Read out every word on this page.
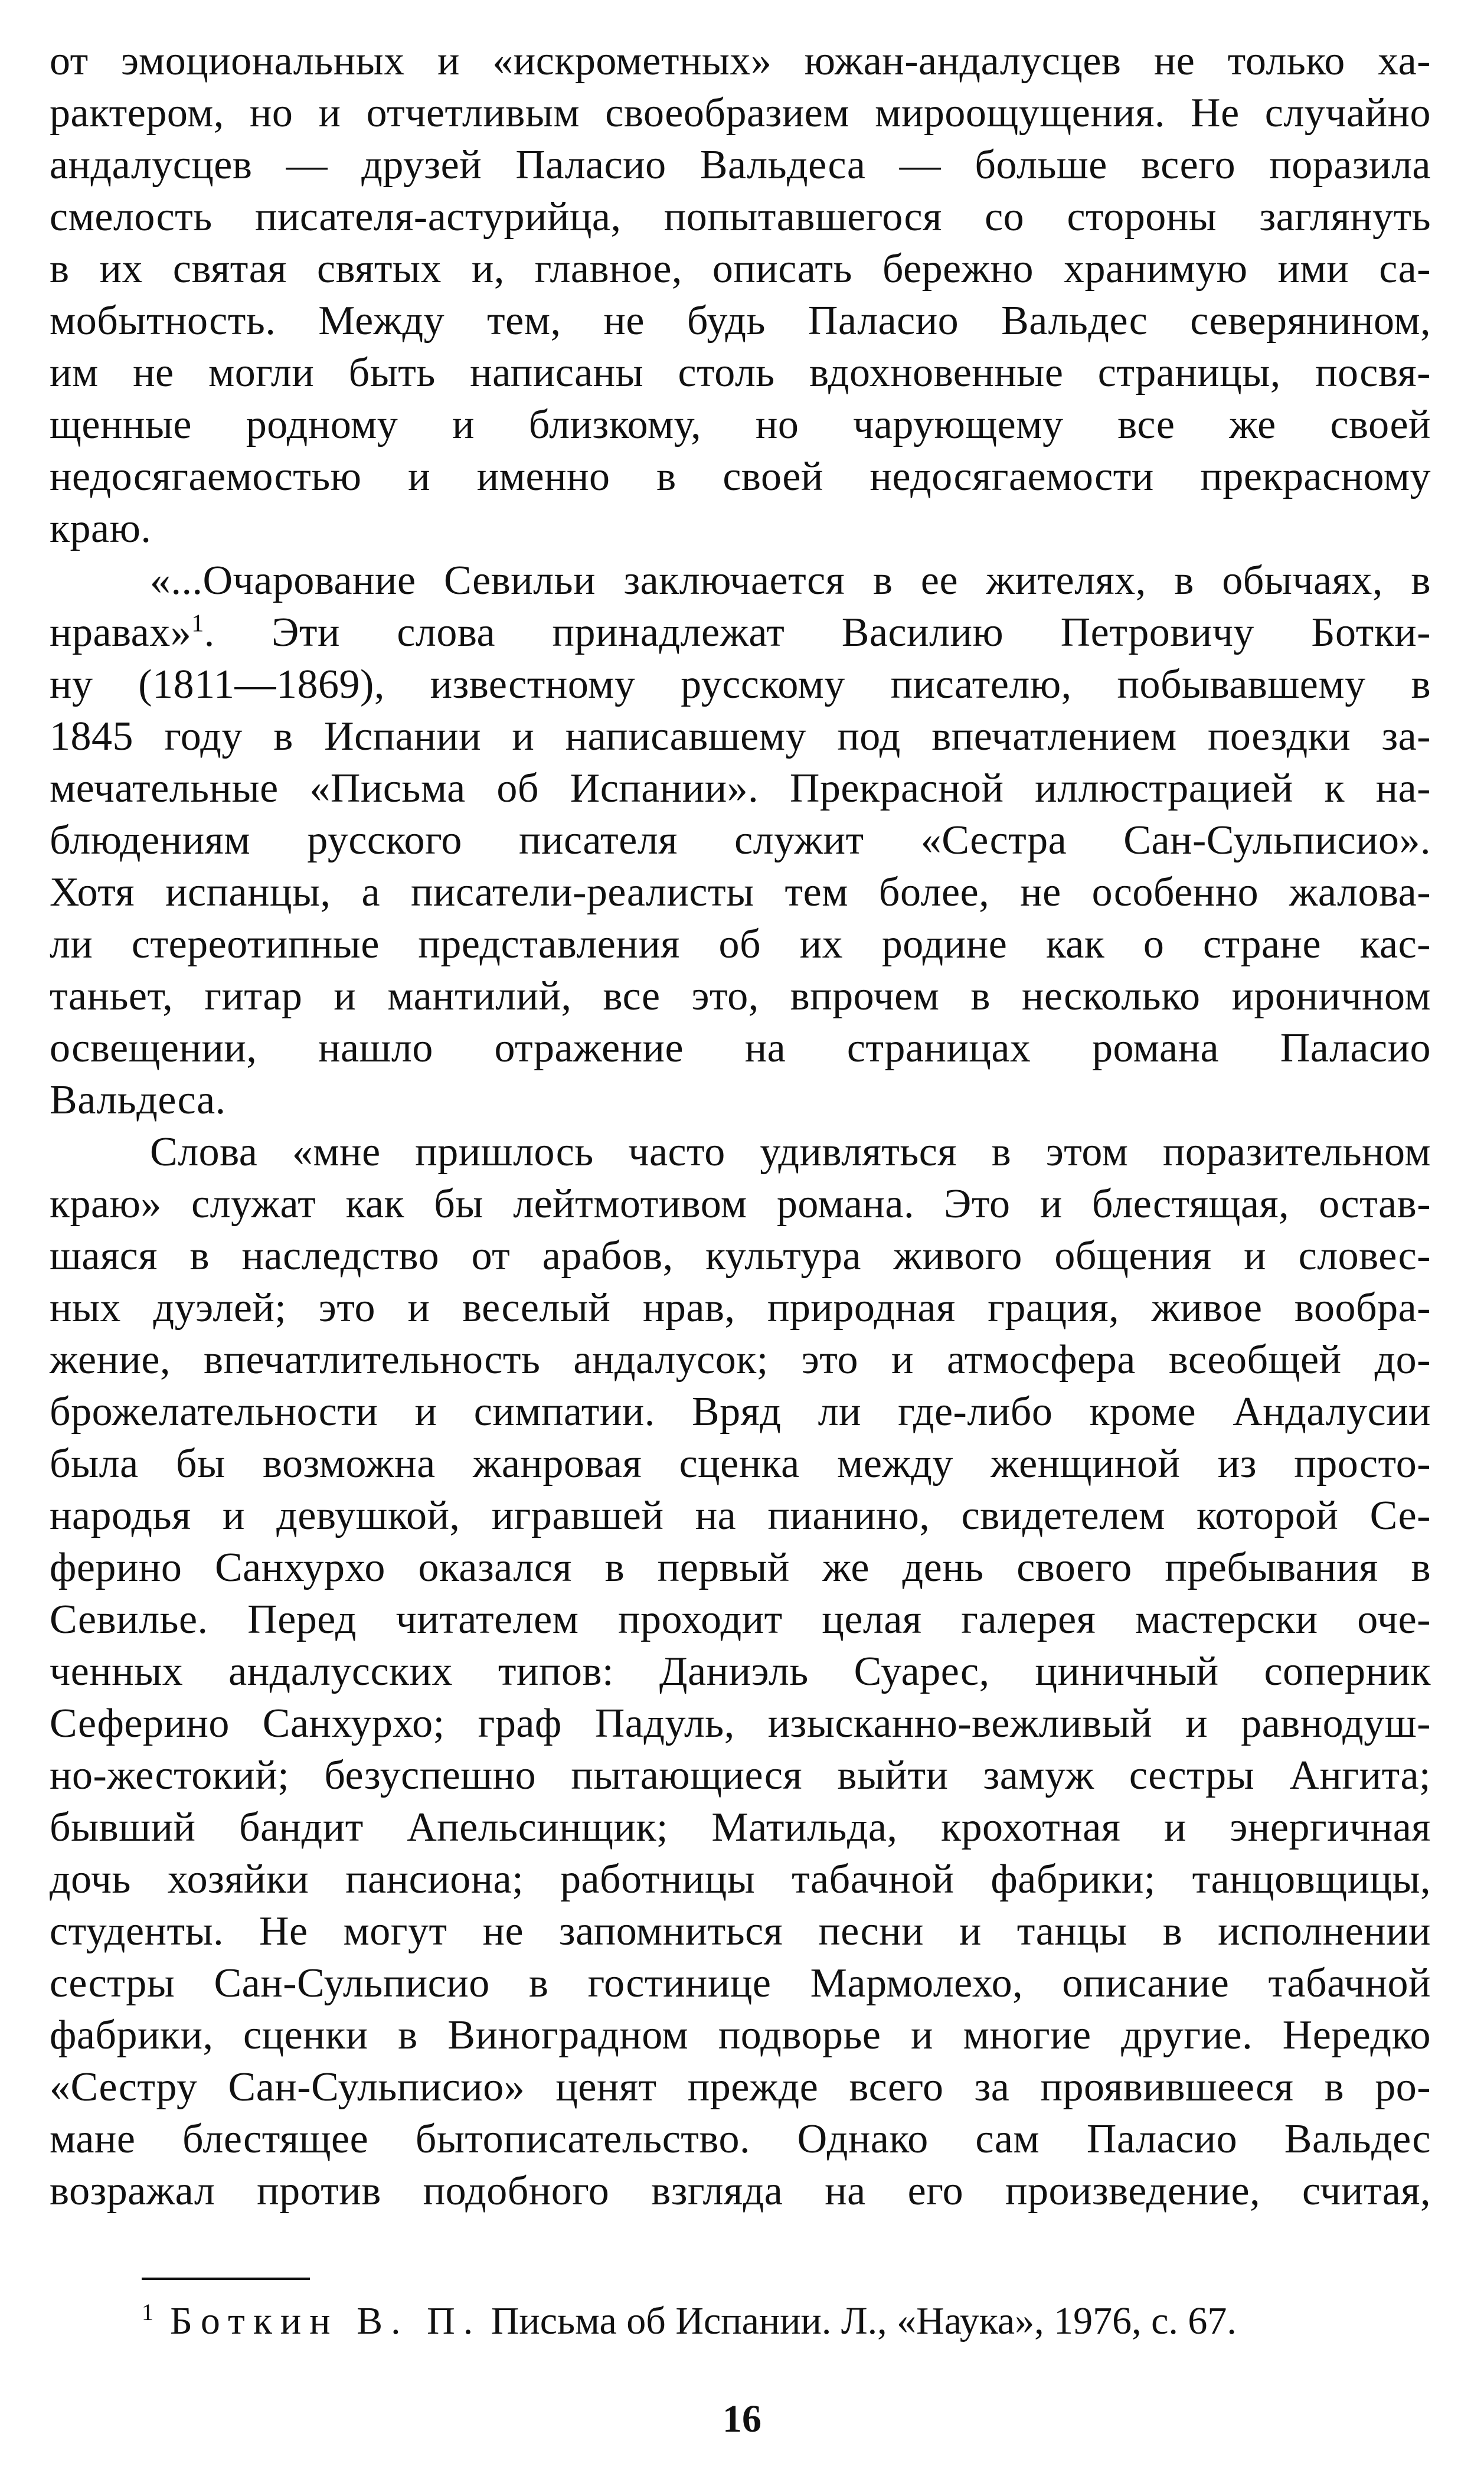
от эмоциональных и «искрометных» южан-андалусцев не только ха-
рактером, но и отчетливым своеобразием мироощущения. Не случайно
андалусцев — друзей Паласио Вальдеса — больше всего поразила
смелость писателя-астурийца, попытавшегося со стороны заглянуть
в их святая святых и, главное, описать бережно хранимую ими са-
мобытность. Между тем, не будь Паласио Вальдес северянином,
им не могли быть написаны столь вдохновенные страницы, посвя-
щенные родному и близкому, но чарующему все же своей
недосягаемостью и именно в своей недосягаемости прекрасному
краю.
«...Очарование Севильи заключается в ее жителях, в обычаях, в
нравах»$^1$. Эти слова принадлежат Василию Петровичу Ботки-
ну (1811—1869), известному русскому писателю, побывавшему в
1845 году в Испании и написавшему под впечатлением поездки за-
мечательные «Письма об Испании». Прекрасной иллюстрацией к на-
блюдениям русского писателя служит «Сестра Сан-Сульписио».
Хотя испанцы, а писатели-реалисты тем более, не особенно жалова-
ли стереотипные представления об их родине как о стране кас-
таньет, гитар и мантилий, все это, впрочем в несколько ироничном
освещении, нашло отражение на страницах романа Паласио
Вальдеса.
Слова «мне пришлось часто удивляться в этом поразительном
краю» служат как бы лейтмотивом романа. Это и блестящая, остав-
шаяся в наследство от арабов, культура живого общения и словес-
ных дуэлей; это и веселый нрав, природная грация, живое вообра-
жение, впечатлительность андалусок; это и атмосфера всеобщей до-
брожелательности и симпатии. Вряд ли где-либо кроме Андалусии
была бы возможна жанровая сценка между женщиной из просто-
народья и девушкой, игравшей на пианино, свидетелем которой Се-
ферино Санхурхо оказался в первый же день своего пребывания в
Севилье. Перед читателем проходит целая галерея мастерски оче-
ченных андалусских типов: Даниэль Суарес, циничный соперник
Сеферино Санхурхо; граф Падуль, изысканно-вежливый и равнодуш-
но-жестокий; безуспешно пытающиеся выйти замуж сестры Ангита;
бывший бандит Апельсинщик; Матильда, крохотная и энергичная
дочь хозяйки пансиона; работницы табачной фабрики; танцовщицы,
студенты. Не могут не запомниться песни и танцы в исполнении
сестры Сан-Сульписио в гостинице Мармолехо, описание табачной
фабрики, сценки в Виноградном подворье и многие другие. Нередко
«Сестру Сан-Сульписио» ценят прежде всего за проявившееся в ро-
мане блестящее бытописательство. Однако сам Паласио Вальдес
возражал против подобного взгляда на его произведение, считая,
$^1$ Боткин В. П. Письма об Испании. Л., «Наука», 1976, с. 67.
16
